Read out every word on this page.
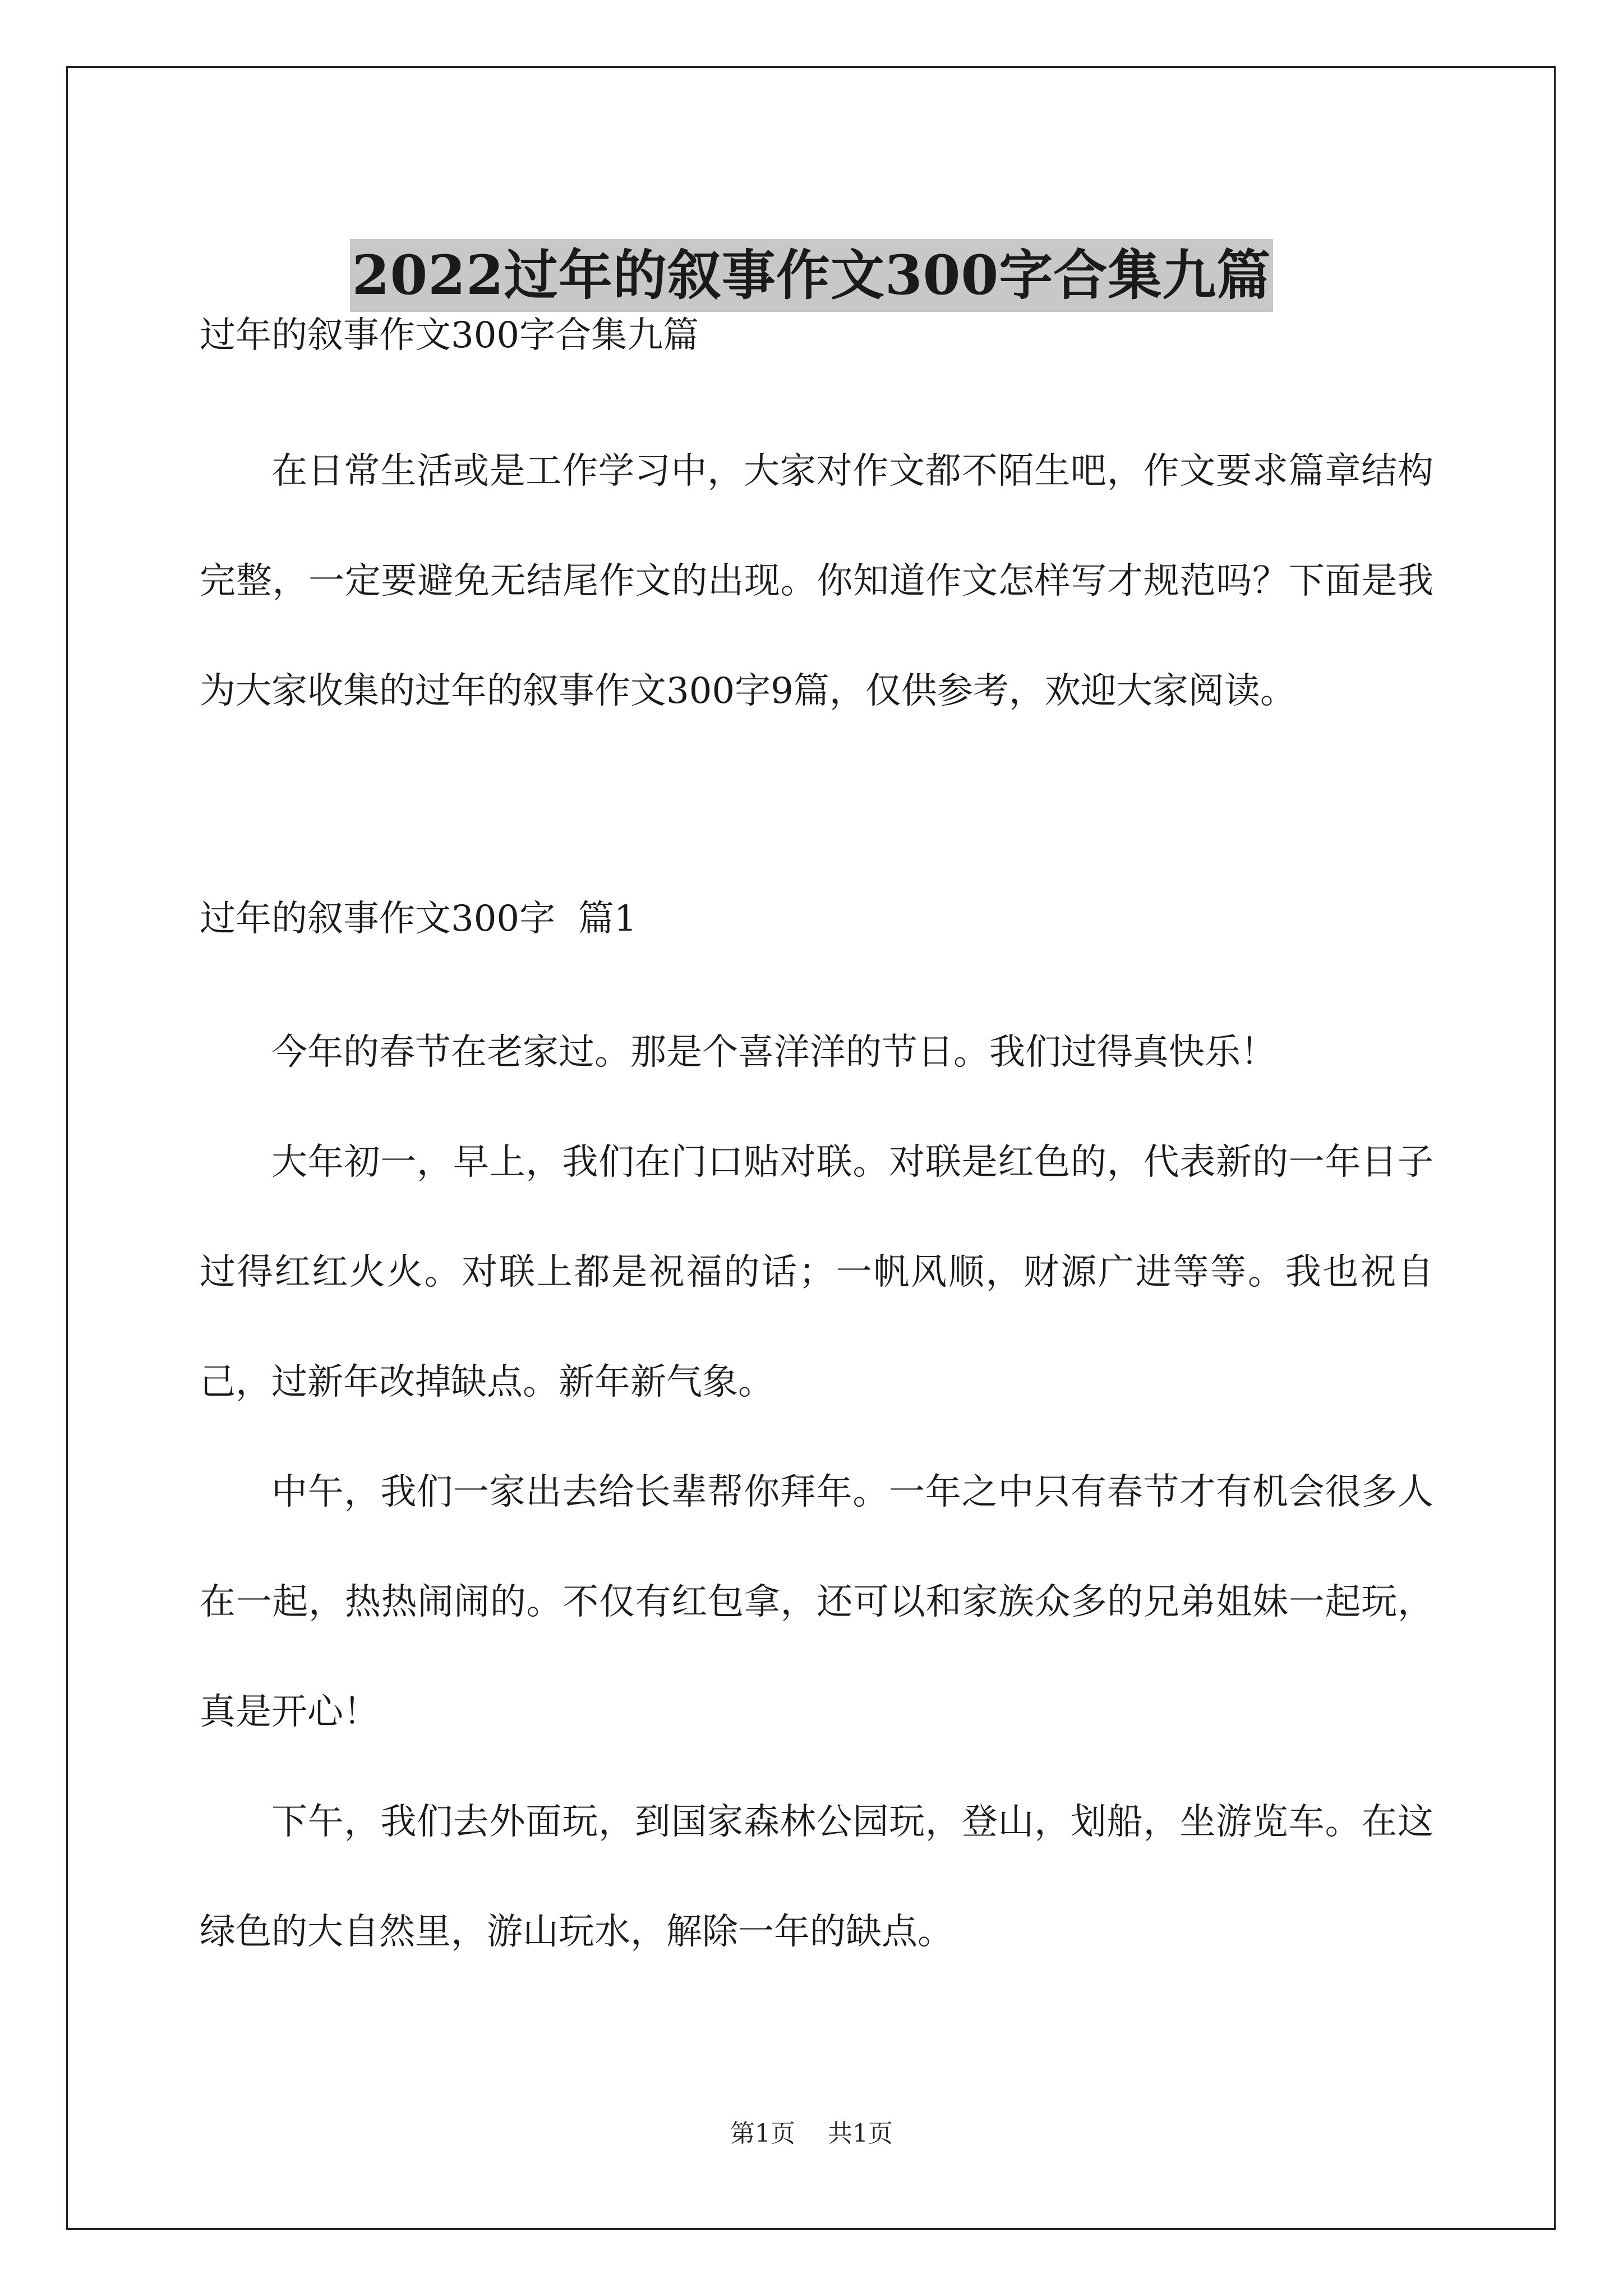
2022过年的叙事作文300字合集九篇

过年的叙事作文300字合集九篇

在日常生活或是工作学习中，大家对作文都不陌生吧，作文要求篇章结构完整，一定要避免无结尾作文的出现。你知道作文怎样写才规范吗？下面是我为大家收集的过年的叙事作文300字9篇，仅供参考，欢迎大家阅读。

过年的叙事作文300字  篇1

今年的春节在老家过。那是个喜洋洋的节日。我们过得真快乐！

大年初一，早上，我们在门口贴对联。对联是红色的，代表新的一年日子过得红红火火。对联上都是祝福的话；一帆风顺，财源广进等等。我也祝自己，过新年改掉缺点。新年新气象。

中午，我们一家出去给长辈帮你拜年。一年之中只有春节才有机会很多人在一起，热热闹闹的。不仅有红包拿，还可以和家族众多的兄弟姐妹一起玩，真是开心！

下午，我们去外面玩，到国家森林公园玩，登山，划船，坐游览车。在这绿色的大自然里，游山玩水，解除一年的缺点。

第1页 共1页
